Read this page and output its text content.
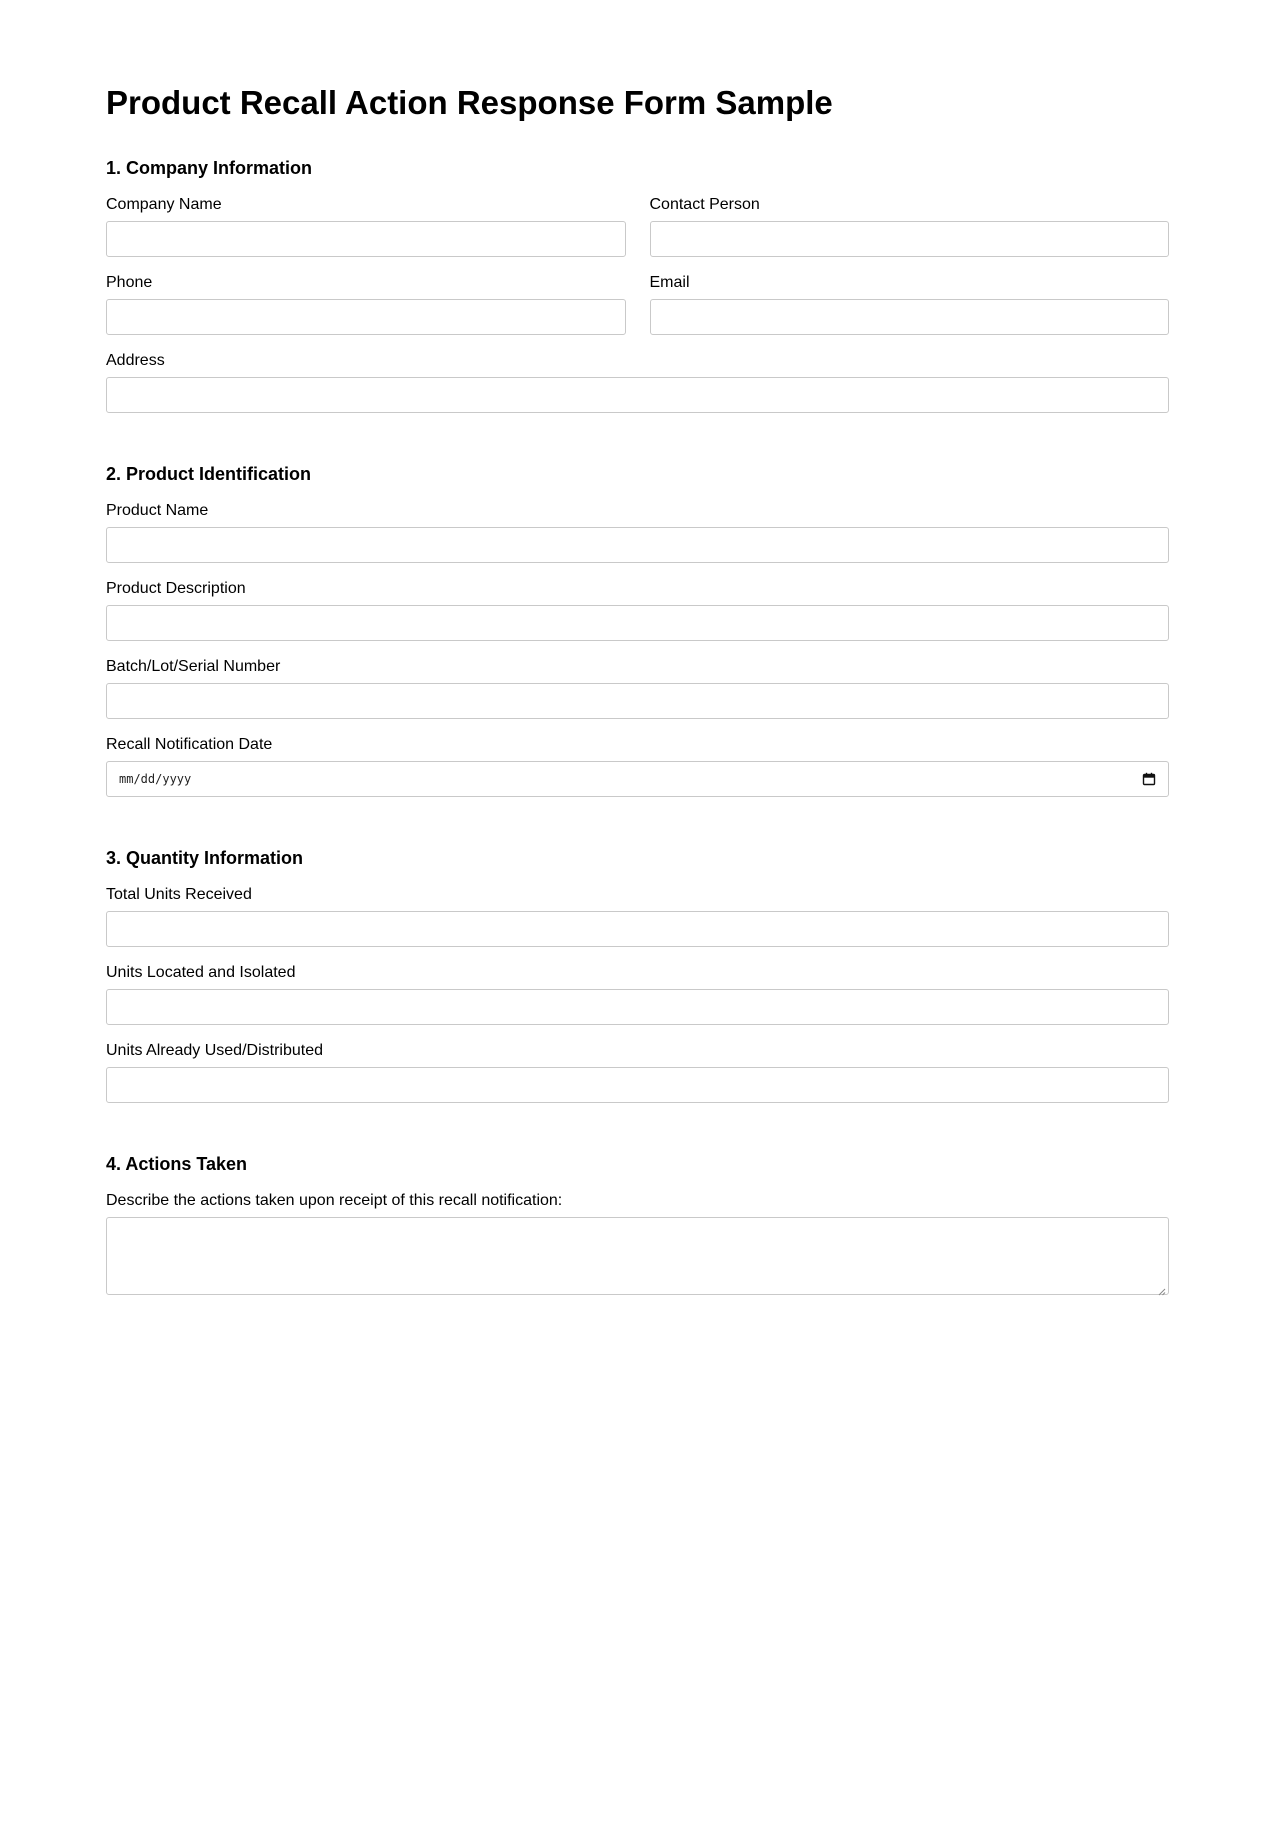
Product Recall Action Response Form Sample
1. Company Information
Company Name	Contact Person
Phone	Email
Address
2. Product Identification
Product Name
Product Description
Batch/Lot/Serial Number
Recall Notification Date
mm/dd/yyyy
3. Quantity Information
Total Units Received
Units Located and Isolated
Units Already Used/Distributed
4. Actions Taken
Describe the actions taken upon receipt of this recall notification:
